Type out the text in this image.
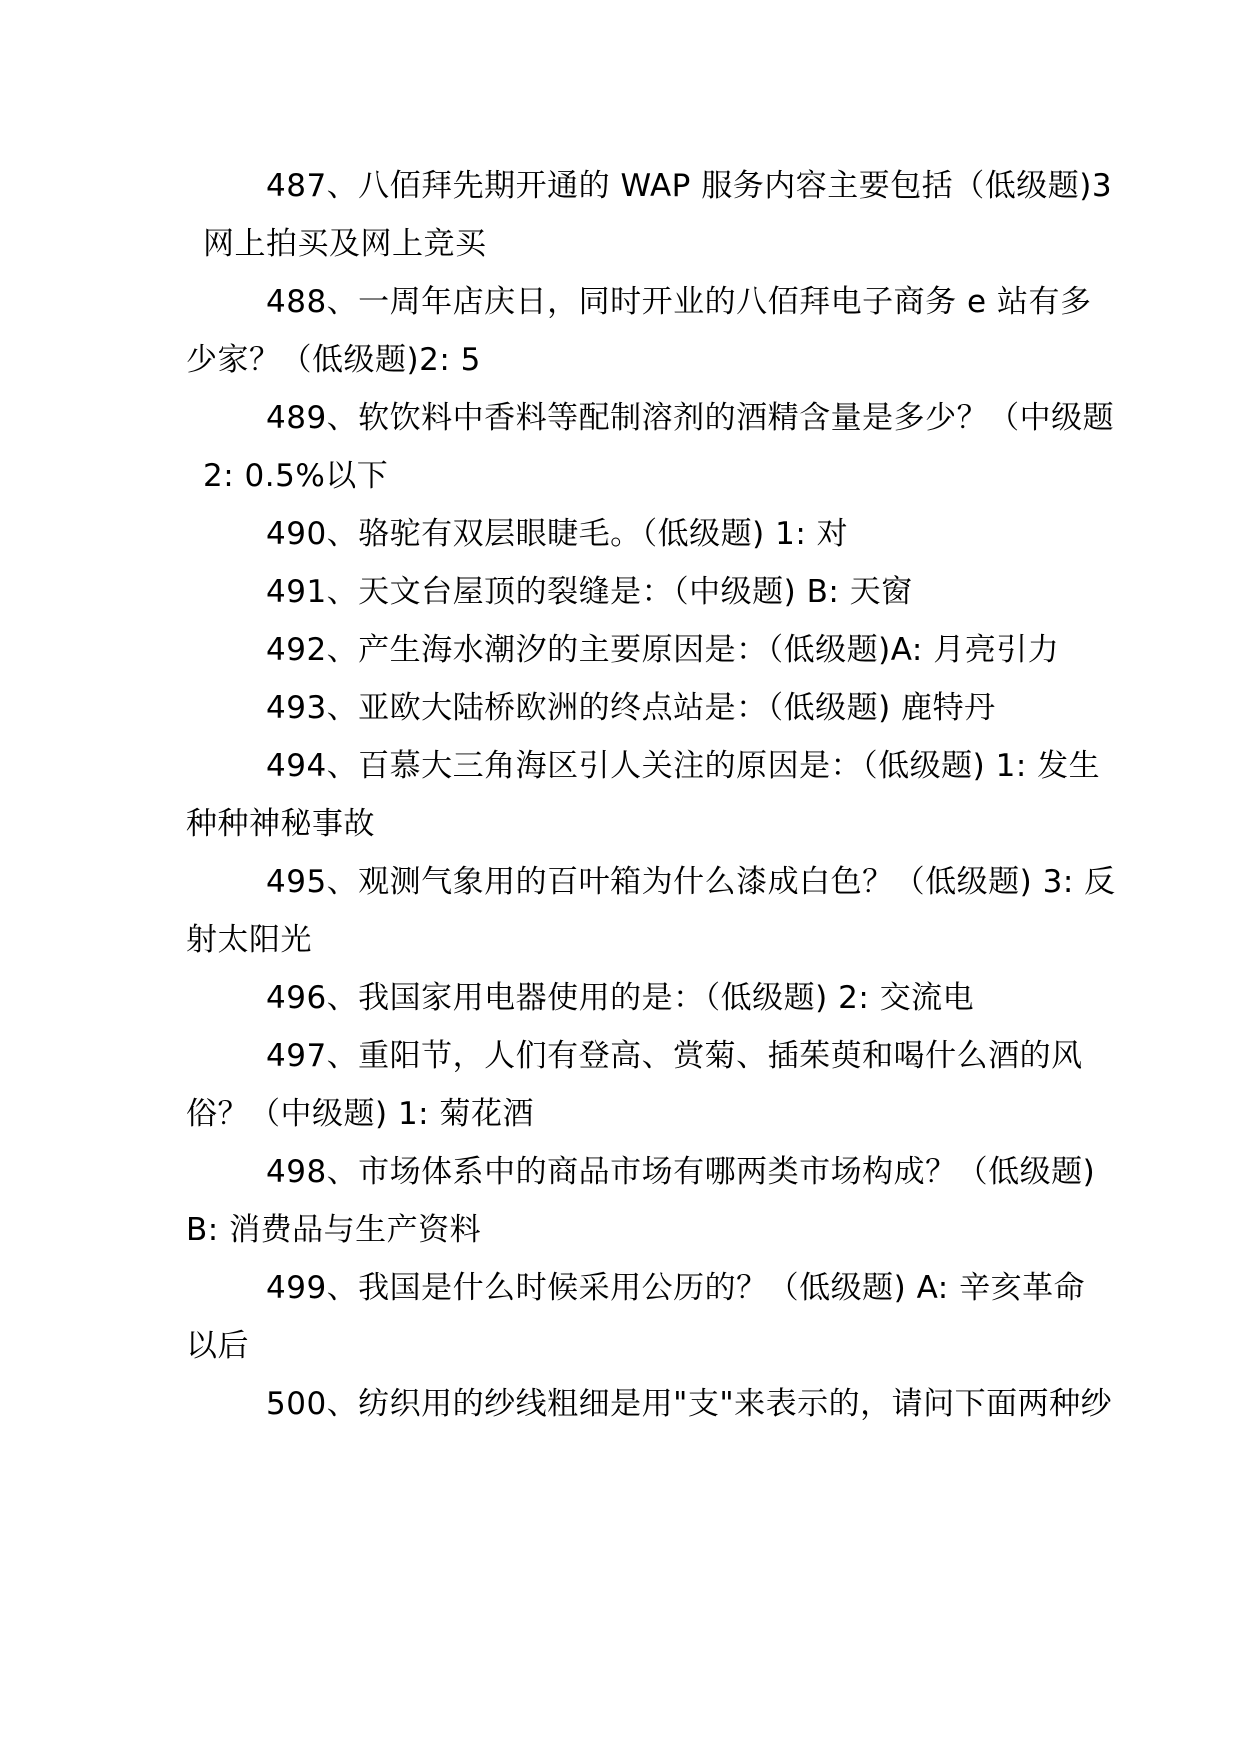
487、八佰拜先期开通的 WAP 服务内容主要包括（低级题)3
网上拍买及网上竞买
488、一周年店庆日，同时开业的八佰拜电子商务 e 站有多
少家？（低级题)2: 5
489、软饮料中香料等配制溶剂的酒精含量是多少？（中级题
2: 0.5%以下
490、骆驼有双层眼睫毛。（低级题) 1: 对
491、天文台屋顶的裂缝是：（中级题) B: 天窗
492、产生海水潮汐的主要原因是：（低级题)A: 月亮引力
493、亚欧大陆桥欧洲的终点站是：（低级题) 鹿特丹
494、百慕大三角海区引人关注的原因是：（低级题) 1: 发生
种种神秘事故
495、观测气象用的百叶箱为什么漆成白色？（低级题) 3: 反
射太阳光
496、我国家用电器使用的是：（低级题) 2: 交流电
497、重阳节，人们有登高、赏菊、插茱萸和喝什么酒的风
俗？（中级题) 1: 菊花酒
498、市场体系中的商品市场有哪两类市场构成？（低级题)
B: 消费品与生产资料
499、我国是什么时候采用公历的？（低级题) A: 辛亥革命
以后
500、纺织用的纱线粗细是用"支"来表示的，请问下面两种纱
